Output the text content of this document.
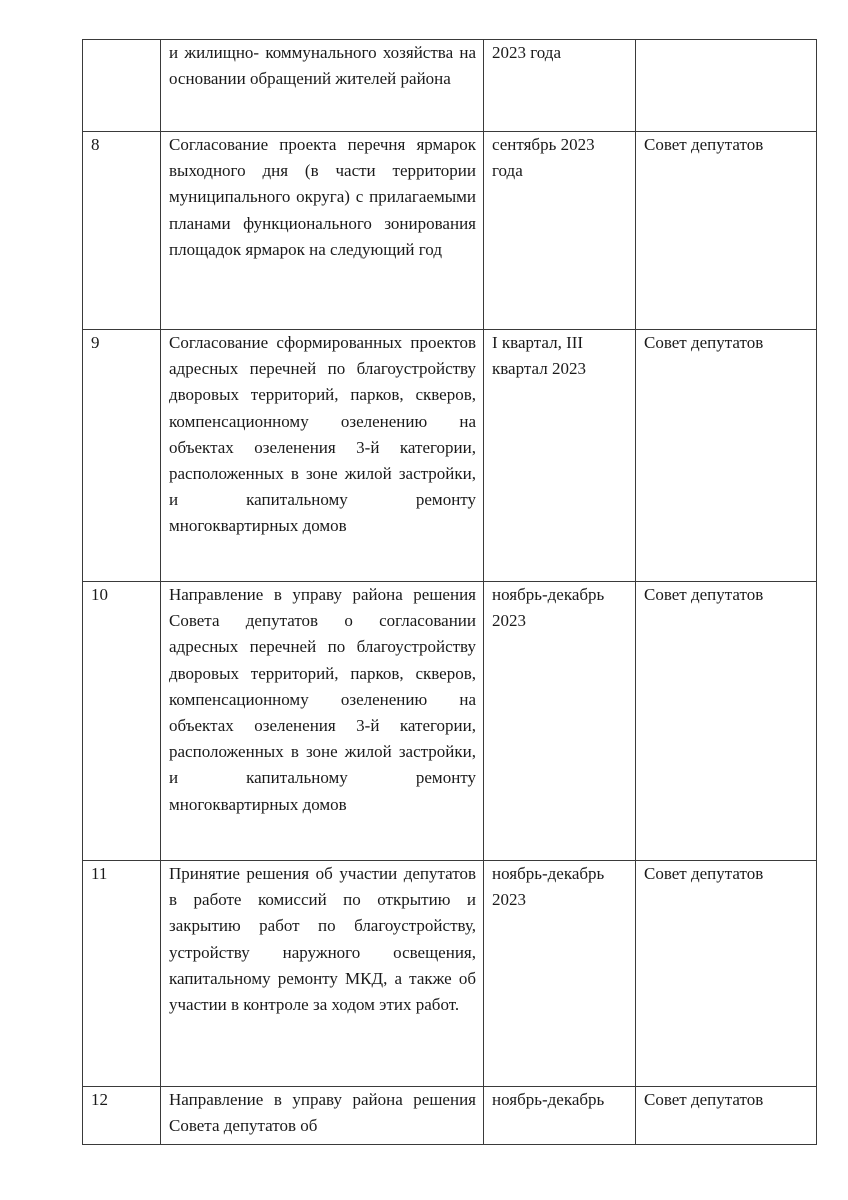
	и жилищно- коммунального хозяйства на основании обращений жителей района	2023 года	
8	Согласование проекта перечня ярмарок выходного дня (в части территории муниципального округа) с прилагаемыми планами функционального зонирования площадок ярмарок на следующий год	сентябрь 2023 года	Совет депутатов
9	Согласование сформированных проектов адресных перечней по благоустройству дворовых территорий, парков, скверов, компенсационному озеленению на объектах озеленения 3-й категории, расположенных в зоне жилой застройки, и капитальному ремонту многоквартирных домов	I квартал, III квартал 2023	Совет депутатов
10	Направление в управу района решения Совета депутатов о согласовании адресных перечней по благоустройству дворовых территорий, парков, скверов, компенсационному озеленению на объектах озеленения 3-й категории, расположенных в зоне жилой застройки, и капитальному ремонту многоквартирных домов	ноябрь-декабрь 2023	Совет депутатов
11	Принятие решения об участии депутатов в работе комиссий по открытию и закрытию работ по благоустройству, устройству наружного освещения, капитальному ремонту МКД, а также об участии в контроле за ходом этих работ.	ноябрь-декабрь 2023	Совет депутатов
12	Направление в управу района решения Совета депутатов об	ноябрь-декабрь	Совет депутатов
